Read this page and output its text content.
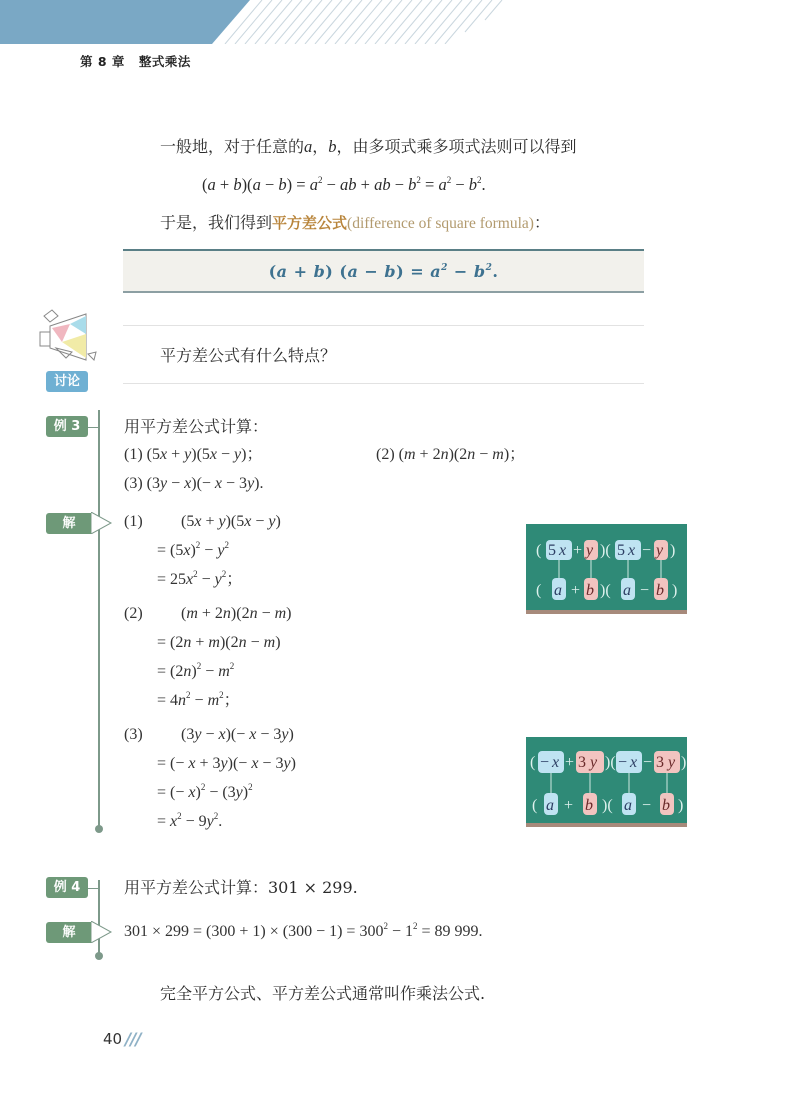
第 8 章 整式乘法
一般地，对于任意的a，b，由多项式乘多项式法则可以得到
$(a + b)(a - b) = a^2$ − ab + ab − $b^2 = a^2 - b^2$.
于是，我们得到平方差公式(difference of square formula)：
(a + b) $(a - b) = a^2 - b^2$.
讨论
平方差公式有什么特点？
例 3	用平方差公式计算：
(1) (5x + y)(5x − y)；	(2) (m + 2n)(2n − m)；
(3) (3y − x)(− x − 3y).
解	(1) (5x + y)(5x − y)
= $(5x)^2 - y^2$
= $25x^2 - y^2$；
(2) (m + 2n)(2n − m)
= (2n + m)(2n − m)
= $(2n)^2 - m^2$
= $4n^2 - m^2$；
(3) (3y − x)(− x − 3y)
= (− x + 3y)(− x − 3y)
= (− $x)^2 - (3y)^2$
= $x^2 - 9y^2$.
( 5 x + y )( 5 x − y )
( a + b )( a − b )
( − x + 3 y )( − x − 3 y )
( a + b )( a − b )
例 4	用平方差公式计算：301 × 299.
解	$301 \times 299 = (300 + 1) \times (300 - 1) = 300^2 - 1^2 = 89$ 999.
完全平方公式、平方差公式通常叫作乘法公式.
40 ///
